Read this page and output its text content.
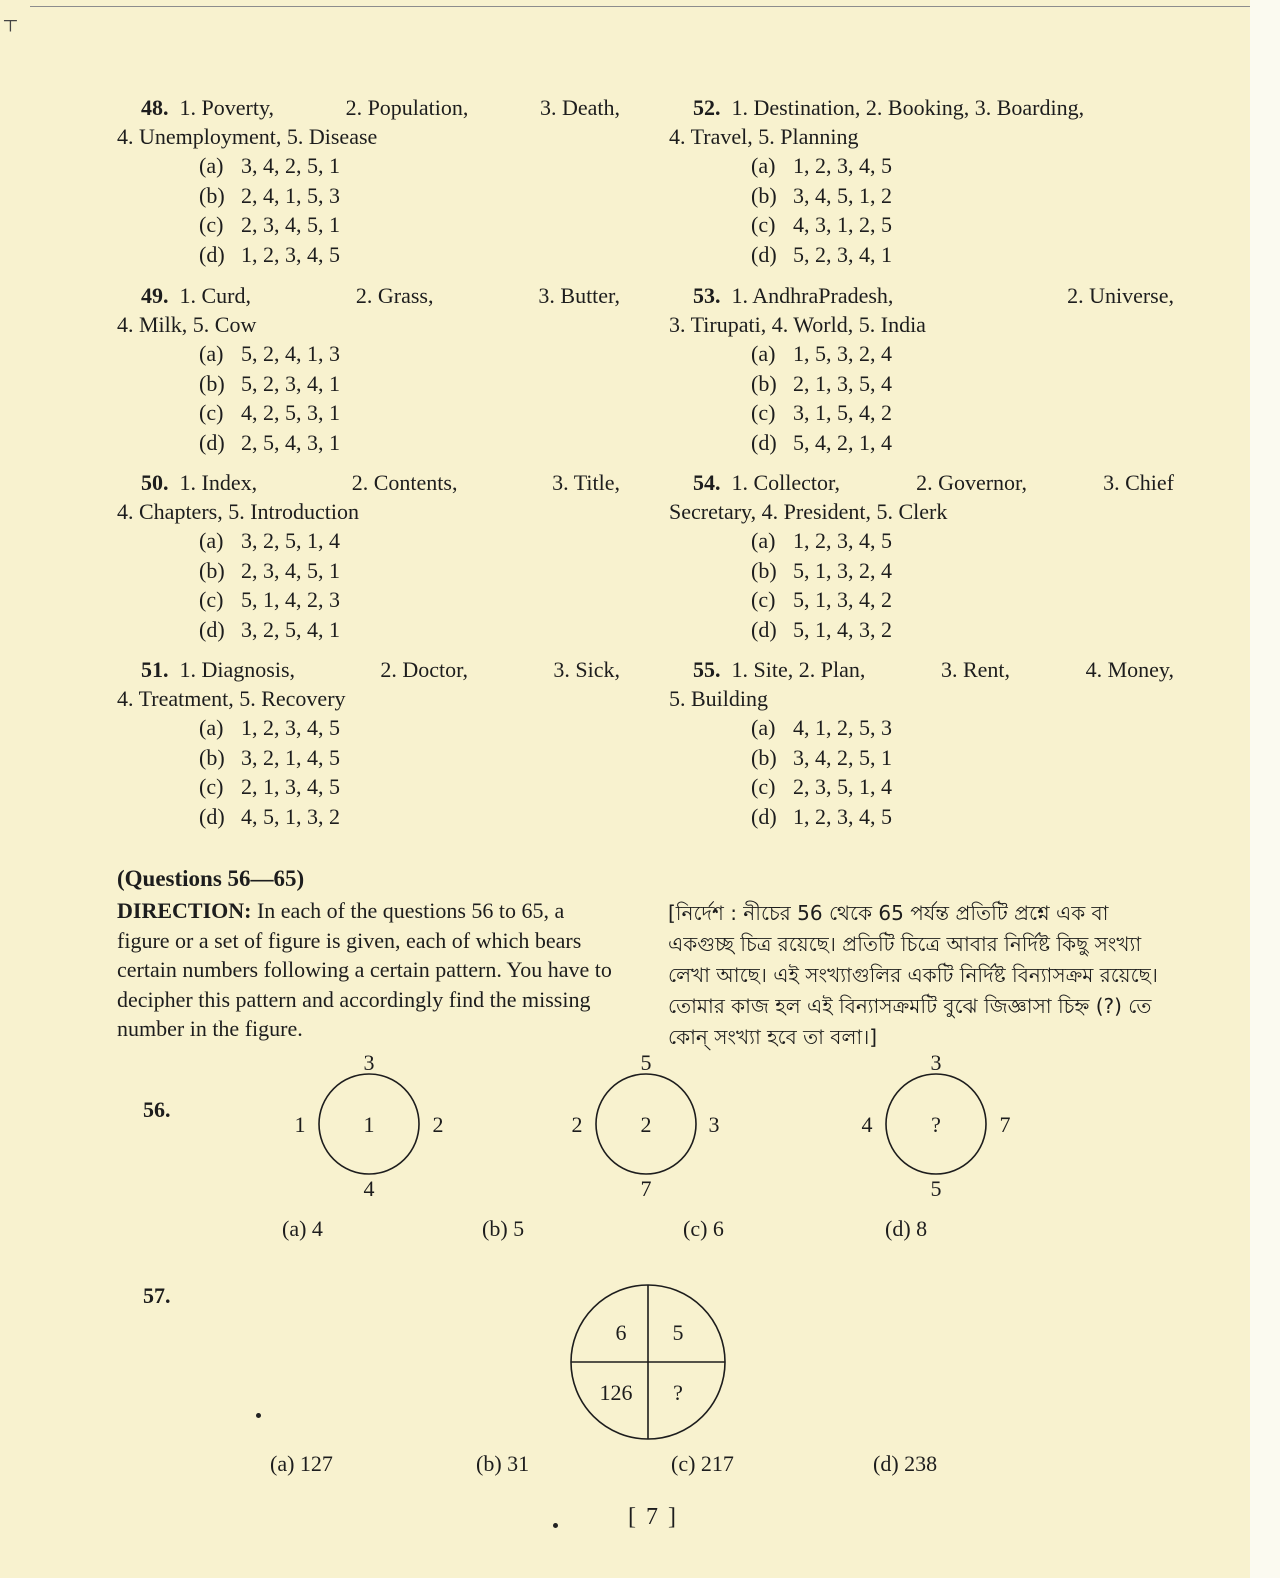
┬
48. 1. Poverty,	2. Population,	3. Death,
4. Unemployment, 5. Disease
(a) 3, 4, 2, 5, 1
(b) 2, 4, 1, 5, 3
(c) 2, 3, 4, 5, 1
(d) 1, 2, 3, 4, 5
49. 1. Curd,	2. Grass,	3. Butter,
4. Milk, 5. Cow
(a) 5, 2, 4, 1, 3
(b) 5, 2, 3, 4, 1
(c) 4, 2, 5, 3, 1
(d) 2, 5, 4, 3, 1
50. 1. Index,	2. Contents,	3. Title,
4. Chapters, 5. Introduction
(a) 3, 2, 5, 1, 4
(b) 2, 3, 4, 5, 1
(c) 5, 1, 4, 2, 3
(d) 3, 2, 5, 4, 1
51. 1. Diagnosis,	2. Doctor,	3. Sick,
4. Treatment, 5. Recovery
(a) 1, 2, 3, 4, 5
(b) 3, 2, 1, 4, 5
(c) 2, 1, 3, 4, 5
(d) 4, 5, 1, 3, 2
52. 1. Destination, 2. Booking, 3. Boarding,
4. Travel, 5. Planning
(a) 1, 2, 3, 4, 5
(b) 3, 4, 5, 1, 2
(c) 4, 3, 1, 2, 5
(d) 5, 2, 3, 4, 1
53. 1. AndhraPradesh,	2. Universe,
3. Tirupati, 4. World, 5. India
(a) 1, 5, 3, 2, 4
(b) 2, 1, 3, 5, 4
(c) 3, 1, 5, 4, 2
(d) 5, 4, 2, 1, 4
54. 1. Collector,	2. Governor,	3. Chief
Secretary, 4. President, 5. Clerk
(a) 1, 2, 3, 4, 5
(b) 5, 1, 3, 2, 4
(c) 5, 1, 3, 4, 2
(d) 5, 1, 4, 3, 2
55. 1. Site, 2. Plan,	3. Rent,	4. Money,
5. Building
(a) 4, 1, 2, 5, 3
(b) 3, 4, 2, 5, 1
(c) 2, 3, 5, 1, 4
(d) 1, 2, 3, 4, 5
(Questions 56—65)
DIRECTION: In each of the questions 56 to 65, a figure or a set of figure is given, each of which bears certain numbers following a certain pattern. You have to decipher this pattern and accordingly find the missing number in the figure.
[নির্দেশ : নীচের 56 থেকে 65 পর্যন্ত প্রতিটি প্রশ্নে এক বা একগুচ্ছ চিত্র রয়েছে। প্রতিটি চিত্রে আবার নির্দিষ্ট কিছু সংখ্যা লেখা আছে। এই সংখ্যাগুলির একটি নির্দিষ্ট বিন্যাসক্রম রয়েছে। তোমার কাজ হল এই বিন্যাসক্রমটি বুঝে জিজ্ঞাসা চিহ্ন (?) তে কোন্ সংখ্যা হবে তা বলা।]
56.
1
3
1	2
4
2
5
2	3
7
?
3
4	7
5
(a) 4	(b) 5	(c) 6	(d) 8
57.
6 5
126 ?
(a) 127	(b) 31	(c) 217	(d) 238
[ 7 ]
